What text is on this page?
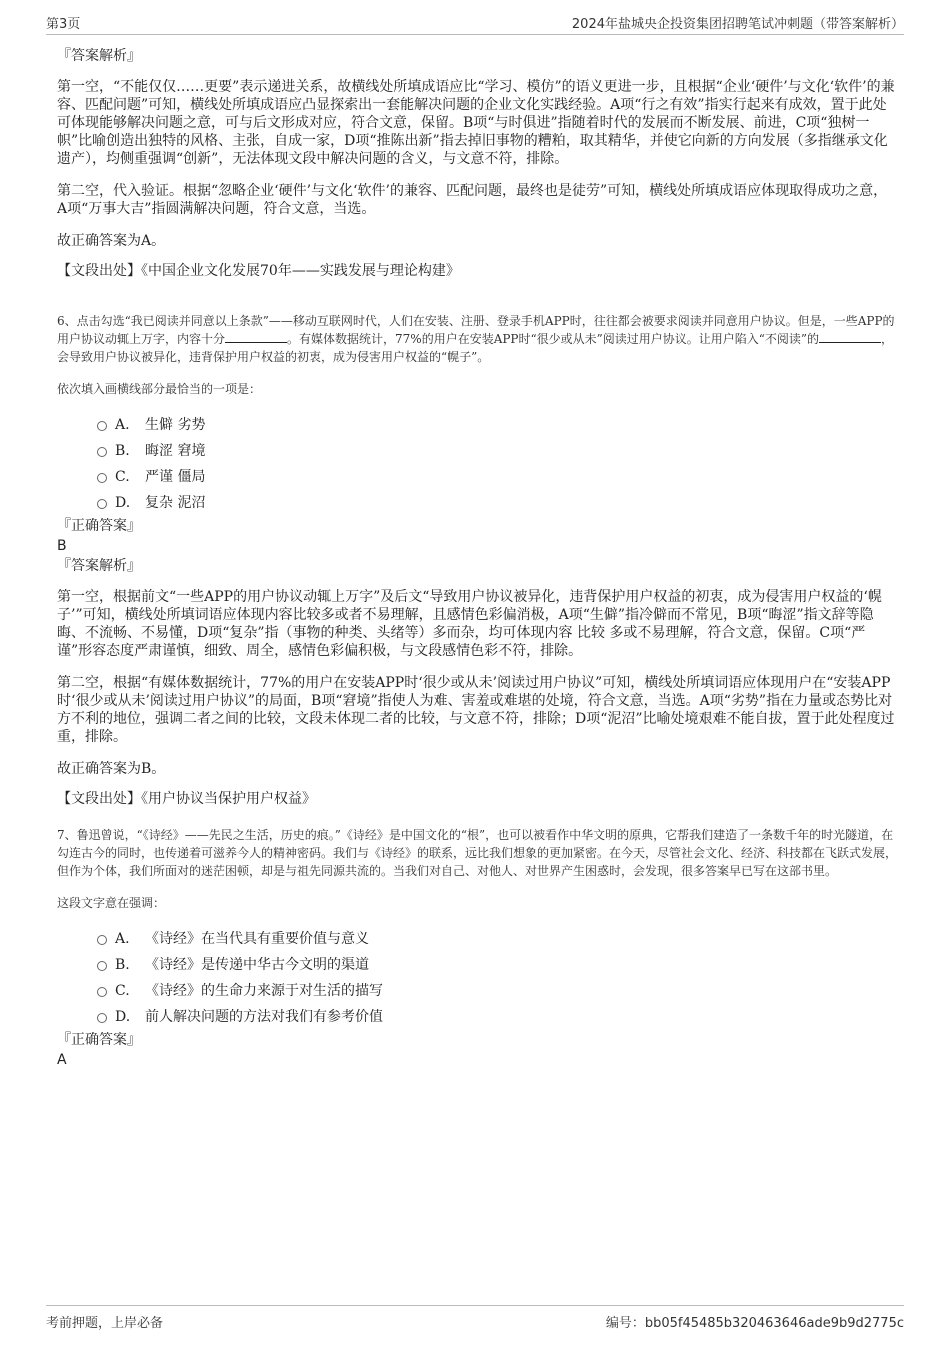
第3页	2024年盐城央企投资集团招聘笔试冲刺题（带答案解析）

『答案解析』

第一空，“不能仅仅……更要”表示递进关系，故横线处所填成语应比“学习、模仿”的语义更进一步，且根据“企业‘硬件’与文化‘软件’的兼容、匹配问题”可知，横线处所填成语应凸显探索出一套能解决问题的企业文化实践经验。A项“行之有效”指实行起来有成效，置于此处可体现能够解决问题之意，可与后文形成对应，符合文意，保留。B项“与时俱进”指随着时代的发展而不断发展、前进，C项“独树一帜”比喻创造出独特的风格、主张，自成一家，D项“推陈出新”指去掉旧事物的糟粕，取其精华，并使它向新的方向发展（多指继承文化遗产），均侧重强调“创新”，无法体现文段中解决问题的含义，与文意不符，排除。

第二空，代入验证。根据“忽略企业‘硬件’与文化‘软件’的兼容、匹配问题，最终也是徒劳”可知，横线处所填成语应体现取得成功之意，A项“万事大吉”指圆满解决问题，符合文意，当选。

故正确答案为A。

【文段出处】《中国企业文化发展70年——实践发展与理论构建》

6、点击勾选“我已阅读并同意以上条款”——移动互联网时代，人们在安装、注册、登录手机APP时，往往都会被要求阅读并同意用户协议。但是，一些APP的用户协议动辄上万字，内容十分	。有媒体数据统计，77%的用户在安装APP时“很少或从未”阅读过用户协议。让用户陷入“不阅读”的	，会导致用户协议被异化，违背保护用户权益的初衷，成为侵害用户权益的“幌子”。

依次填入画横线部分最恰当的一项是：

A. 生僻 劣势
B. 晦涩 窘境
C. 严谨 僵局
D. 复杂 泥沼

『正确答案』

B

『答案解析』

第一空，根据前文“一些APP的用户协议动辄上万字”及后文“导致用户协议被异化，违背保护用户权益的初衷，成为侵害用户权益的‘幌子’”可知，横线处所填词语应体现内容比较多或者不易理解，且感情色彩偏消极，A项“生僻”指冷僻而不常见，B项“晦涩”指文辞等隐晦、不流畅、不易懂，D项“复杂”指（事物的种类、头绪等）多而杂，均可体现内容 比较 多或不易理解，符合文意，保留。C项“严谨”形容态度严肃谨慎，细致、周全，感情色彩偏积极，与文段感情色彩不符，排除。

第二空，根据“有媒体数据统计，77%的用户在安装APP时‘很少或从未’阅读过用户协议”可知，横线处所填词语应体现用户在“安装APP时‘很少或从未’阅读过用户协议”的局面，B项“窘境”指使人为难、害羞或难堪的处境，符合文意，当选。A项“劣势”指在力量或态势比对方不利的地位，强调二者之间的比较，文段未体现二者的比较，与文意不符，排除；D项“泥沼”比喻处境艰难不能自拔，置于此处程度过重，排除。

故正确答案为B。

【文段出处】《用户协议当保护用户权益》

7、鲁迅曾说，“《诗经》——先民之生活，历史的痕。”《诗经》是中国文化的“根”，也可以被看作中华文明的原典，它帮我们建造了一条数千年的时光隧道，在勾连古今的同时，也传递着可滋养今人的精神密码。我们与《诗经》的联系，远比我们想象的更加紧密。在今天，尽管社会文化、经济、科技都在飞跃式发展，但作为个体，我们所面对的迷茫困顿，却是与祖先同源共流的。当我们对自己、对他人、对世界产生困惑时，会发现，很多答案早已写在这部书里。

这段文字意在强调：

A. 《诗经》在当代具有重要价值与意义
B. 《诗经》是传递中华古今文明的渠道
C. 《诗经》的生命力来源于对生活的描写
D. 前人解决问题的方法对我们有参考价值

『正确答案』

A

考前押题，上岸必备	编号：bb05f45485b320463646ade9b9d2775c
